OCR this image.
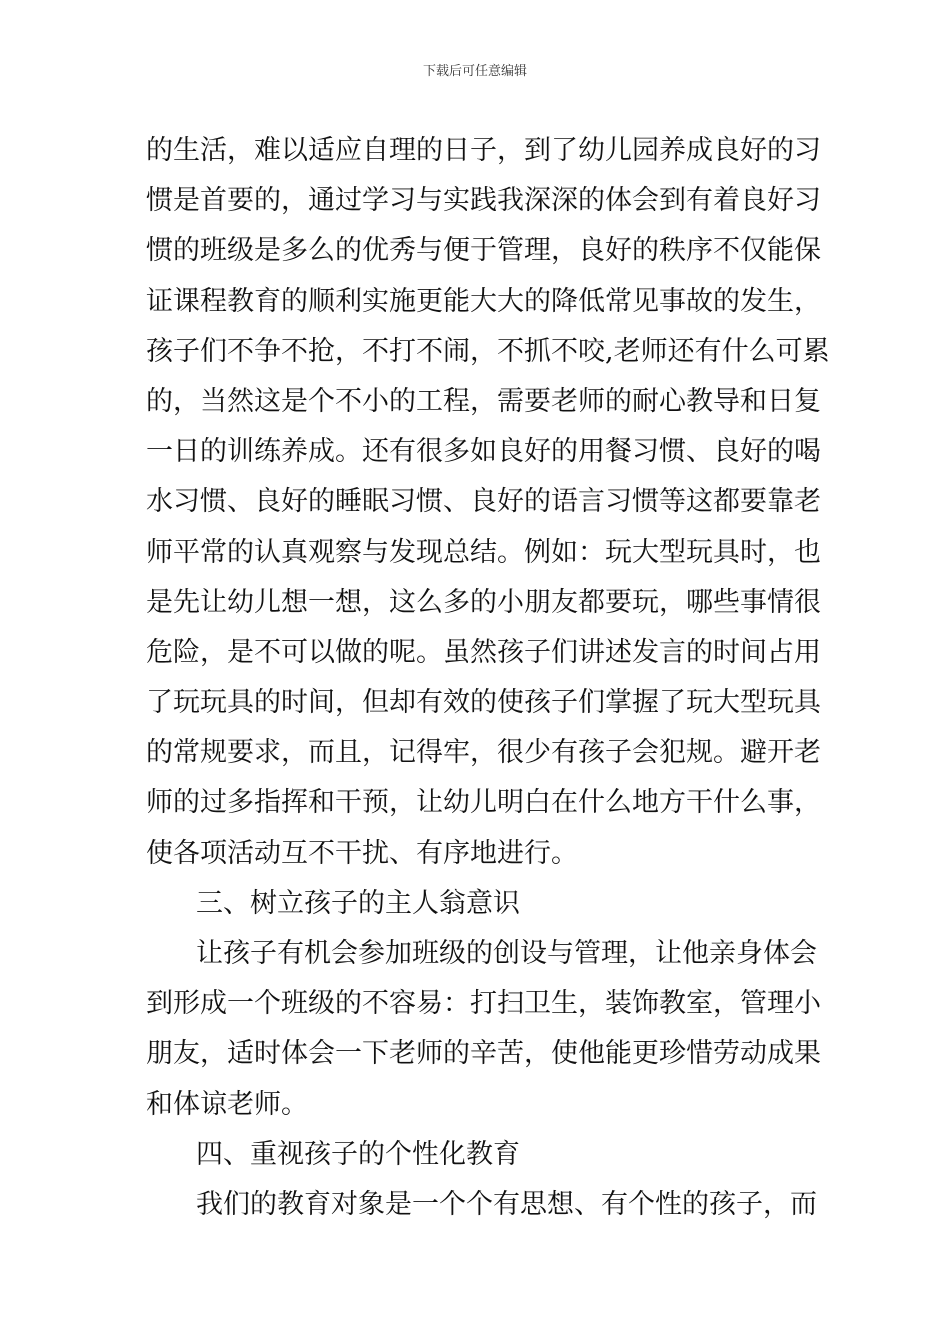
下载后可任意编辑
的生活，难以适应自理的日子，到了幼儿园养成良好的习
惯是首要的，通过学习与实践我深深的体会到有着良好习
惯的班级是多么的优秀与便于管理，良好的秩序不仅能保
证课程教育的顺利实施更能大大的降低常见事故的发生，
孩子们不争不抢，不打不闹，不抓不咬,老师还有什么可累
的，当然这是个不小的工程，需要老师的耐心教导和日复
一日的训练养成。还有很多如良好的用餐习惯、良好的喝
水习惯、良好的睡眠习惯、良好的语言习惯等这都要靠老
师平常的认真观察与发现总结。例如：玩大型玩具时，也
是先让幼儿想一想，这么多的小朋友都要玩，哪些事情很
危险，是不可以做的呢。虽然孩子们讲述发言的时间占用
了玩玩具的时间，但却有效的使孩子们掌握了玩大型玩具
的常规要求，而且，记得牢，很少有孩子会犯规。避开老
师的过多指挥和干预，让幼儿明白在什么地方干什么事，
使各项活动互不干扰、有序地进行。
三、树立孩子的主人翁意识
让孩子有机会参加班级的创设与管理，让他亲身体会
到形成一个班级的不容易：打扫卫生，装饰教室，管理小
朋友，适时体会一下老师的辛苦，使他能更珍惜劳动成果
和体谅老师。
四、重视孩子的个性化教育
我们的教育对象是一个个有思想、有个性的孩子，而
